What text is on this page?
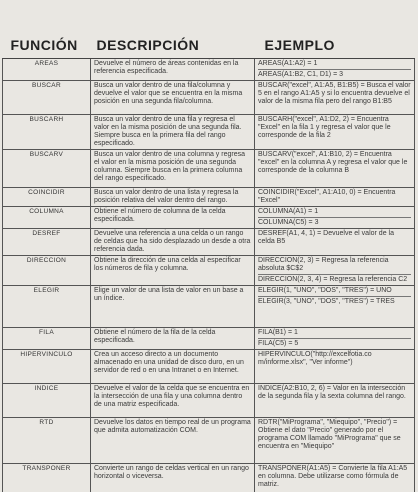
FUNCIÓN	DESCRIPCIÓN	EJEMPLO
AREAS	Devuelve el número de áreas contenidas en la referencia especificada.	AREAS(A1:A2) = 1
AREAS(A1:B2, C1, D1) = 3

BUSCAR	Busca un valor dentro de una fila/columna y devuelve el valor que se encuentra en la misma posición en una segunda fila/columna.	BUSCAR("excel", A1:A5, B1:B5) = Busca el valor 5 en el rango A1:A5 y si lo encuentra devuelve el valor de la misma fila pero del rango B1:B5

BUSCARH	Busca un valor dentro de una fila y regresa el valor en la misma posición de una segunda fila. Siempre busca en la primera fila del rango especificado.	BUSCARH("excel", A1:D2, 2) = Encuentra "Excel" en la fila 1 y regresa el valor que le corresponde de la fila 2

BUSCARV	Busca un valor dentro de una columna y regresa el valor en la misma posición de una segunda columna. Siempre busca en la primera columna del rango especificado.	BUSCARV("excel", A1:B10, 2) = Encuentra "excel" en la columna A y regresa el valor que le corresponde de la columna B

COINCIDIR	Busca un valor dentro de una lista y regresa la posición relativa del valor dentro del rango.	COINCIDIR("Excel", A1:A10, 0) = Encuentra "Excel"

COLUMNA	Obtiene el número de columna de la celda especificada.	COLUMNA(A1) = 1
COLUMNA(C5) = 3

DESREF	Devuelve una referencia a una celda o un rango de celdas que ha sido desplazado un desde a otra referencia dada.	DESREF(A1, 4, 1) = Devuelve el valor de la celda B5

DIRECCION	Obtiene la dirección de una celda al especificar los números de fila y columna.	DIRECCION(2, 3) = Regresa la referencia absoluta $C$2
DIRECCION(2, 3, 4) = Regresa la referencia C2

ELEGIR	Elige un valor de una lista de valor en un base a un índice.	ELEGIR(1, "UNO", "DOS", "TRES") = UNO
ELEGIR(3, "UNO", "DOS", "TRES") = TRES

FILA	Obtiene el número de la fila de la celda especificada.	FILA(B1) = 1
FILA(C5) = 5

HIPERVINCULO	Crea un acceso directo a un documento almacenado en una unidad de disco duro, en un servidor de red o en una Intranet o en Internet.	HIPERVINCULO("http://excelfotia.co m/informe.xlsx", "Ver informe")

INDICE	Devuelve el valor de la celda que se encuentra en la intersección de una fila y una columna dentro de una matriz especificada.	INDICE(A2:B10, 2, 6) = Valor en la intersección de la segunda fila y la sexta columna del rango.

RTD	Devuelve los datos en tiempo real de un programa que admita automatización COM.	RDTR("MiPrograma", "Miequipo", "Precio") = Obtiene el dato "Precio" generado por el programa COM llamado "MiPrograma" que se encuentra en "Miequipo"

TRANSPONER	Convierte un rango de celdas vertical en un rango horizontal o viceversa.	TRANSPONER(A1:A5) = Convierte la fila A1:A5 en columna. Debe utilizarse como fórmula de matriz.
